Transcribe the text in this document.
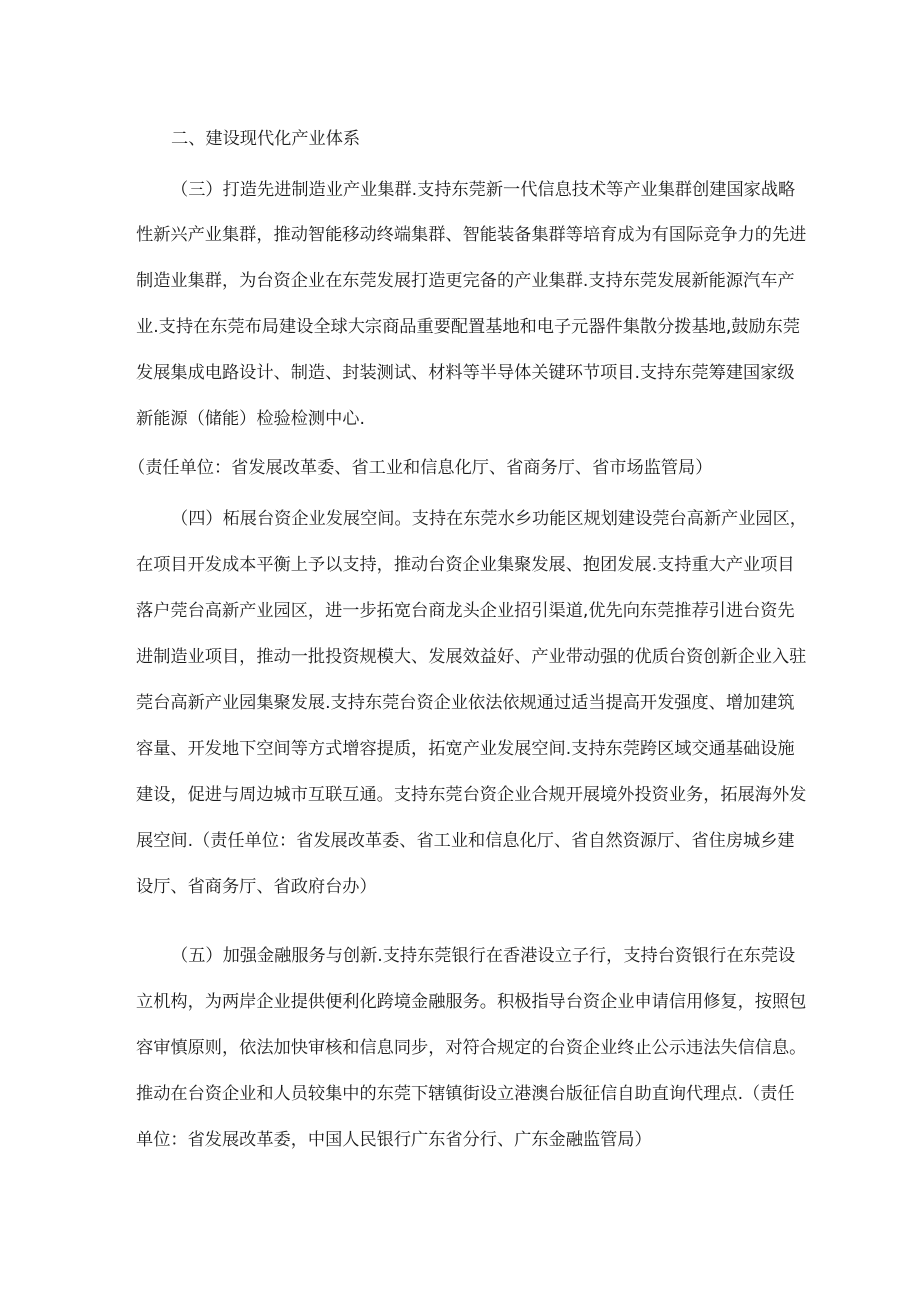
二、建设现代化产业体系
（三）打造先进制造业产业集群.支持东莞新一代信息技术等产业集群创建国家战略
性新兴产业集群，推动智能移动终端集群、智能装备集群等培育成为有国际竞争力的先进
制造业集群，为台资企业在东莞发展打造更完备的产业集群.支持东莞发展新能源汽车产
业.支持在东莞布局建设全球大宗商品重要配置基地和电子元器件集散分拨基地,鼓励东莞
发展集成电路设计、制造、封装测试、材料等半导体关键环节项目.支持东莞筹建国家级
新能源（储能）检验检测中心.
（责任单位：省发展改革委、省工业和信息化厅、省商务厅、省市场监管局）
（四）柘展台资企业发展空间。支持在东莞水乡功能区规划建设莞台高新产业园区，
在项目开发成本平衡上予以支持，推动台资企业集聚发展、抱团发展.支持重大产业项目
落户莞台高新产业园区，进一步拓宽台商龙头企业招引渠道,优先向东莞推荐引进台资先
进制造业项目，推动一批投资规模大、发展效益好、产业带动强的优质台资创新企业入驻
莞台高新产业园集聚发展.支持东莞台资企业依法依规通过适当提高开发强度、增加建筑
容量、开发地下空间等方式增容提质，拓宽产业发展空间.支持东莞跨区域交通基础设施
建设，促进与周边城市互联互通。支持东莞台资企业合规开展境外投资业务，拓展海外发
展空间.（责任单位：省发展改革委、省工业和信息化厅、省自然资源厅、省住房城乡建
设厅、省商务厅、省政府台办）
（五）加强金融服务与创新.支持东莞银行在香港设立子行，支持台资银行在东莞设
立机构，为两岸企业提供便利化跨境金融服务。积极指导台资企业申请信用修复，按照包
容审慎原则，依法加快审核和信息同步，对符合规定的台资企业终止公示违法失信信息。
推动在台资企业和人员较集中的东莞下辖镇街设立港澳台版征信自助直询代理点.（责任
单位：省发展改革委，中国人民银行广东省分行、广东金融监管局）
